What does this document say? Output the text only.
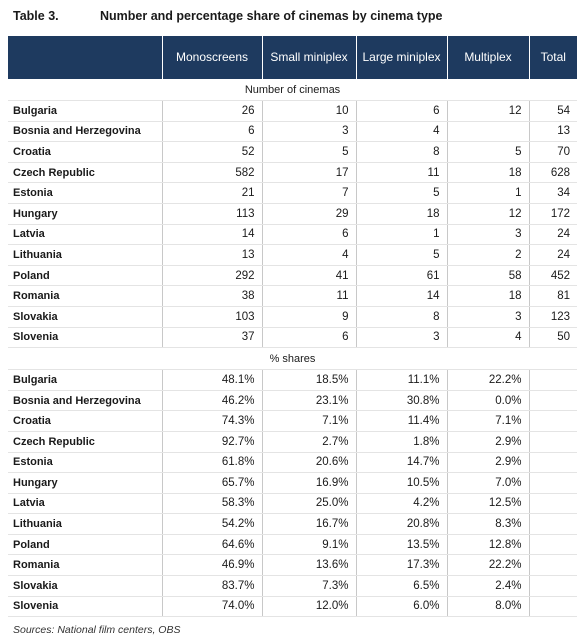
Table 3.	Number and percentage share of cinemas by cinema type
	Monoscreens	Small miniplex	Large miniplex	Multiplex	Total
Number of cinemas					
Bulgaria	26	10	6	12	54
Bosnia and Herzegovina	6	3	4		13
Croatia	52	5	8	5	70
Czech Republic	582	17	11	18	628
Estonia	21	7	5	1	34
Hungary	113	29	18	12	172
Latvia	14	6	1	3	24
Lithuania	13	4	5	2	24
Poland	292	41	61	58	452
Romania	38	11	14	18	81
Slovakia	103	9	8	3	123
Slovenia	37	6	3	4	50
% shares					
Bulgaria	48.1%	18.5%	11.1%	22.2%	
Bosnia and Herzegovina	46.2%	23.1%	30.8%	0.0%	
Croatia	74.3%	7.1%	11.4%	7.1%	
Czech Republic	92.7%	2.7%	1.8%	2.9%	
Estonia	61.8%	20.6%	14.7%	2.9%	
Hungary	65.7%	16.9%	10.5%	7.0%	
Latvia	58.3%	25.0%	4.2%	12.5%	
Lithuania	54.2%	16.7%	20.8%	8.3%	
Poland	64.6%	9.1%	13.5%	12.8%	
Romania	46.9%	13.6%	17.3%	22.2%	
Slovakia	83.7%	7.3%	6.5%	2.4%	
Slovenia	74.0%	12.0%	6.0%	8.0%	
Sources: National film centers, OBS
